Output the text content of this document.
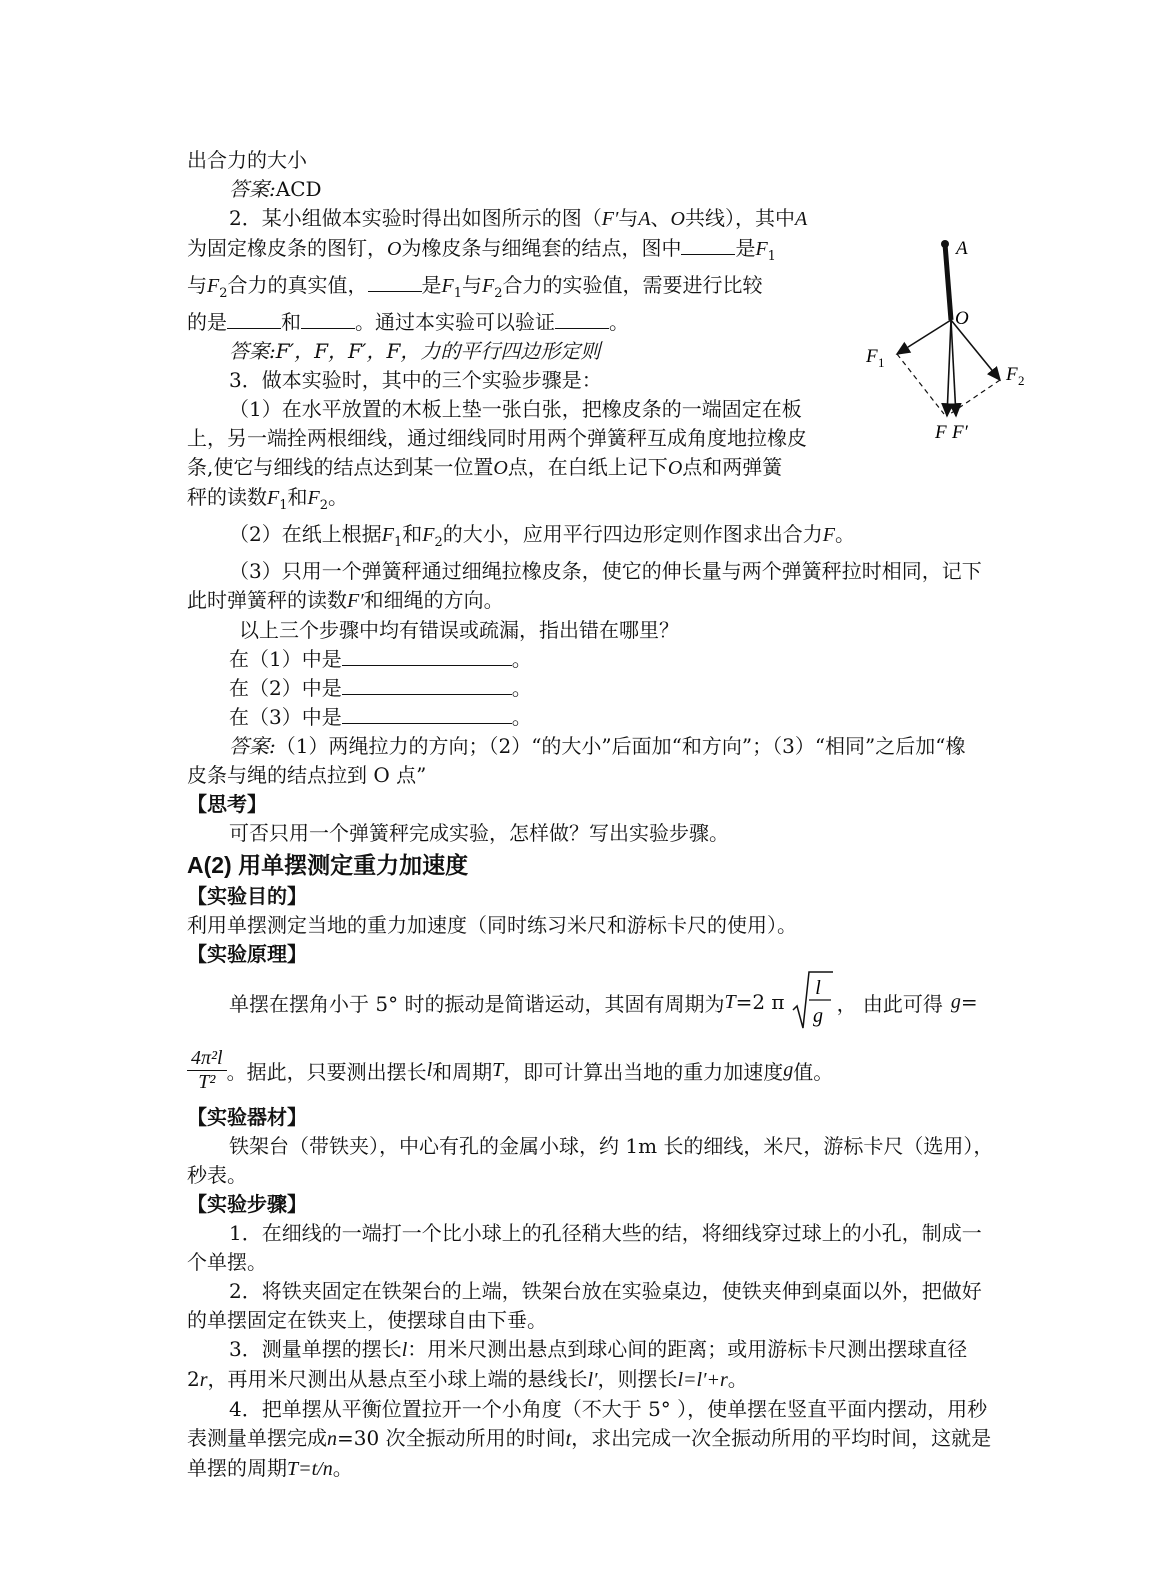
出合力的大小
答案:ACD
2．某小组做本实验时得出如图所示的图（F′与A、O共线），其中A
为固定橡皮条的图钉，O为橡皮条与细绳套的结点，图中	是$F_1$
与$F_2$合力的真实值，	是$F_1$与$F_2$合力的实验值，需要进行比较
的是	和	。通过本实验可以验证	。
答案:F′，F，F′，F，力的平行四边形定则
3．做本实验时，其中的三个实验步骤是：
（1）在水平放置的木板上垫一张白张，把橡皮条的一端固定在板
上，另一端拴两根细线，通过细线同时用两个弹簧秤互成角度地拉橡皮
条,使它与细线的结点达到某一位置O点，在白纸上记下O点和两弹簧
秤的读数$F_1$和$F_2$。
（2）在纸上根据$F_1$和$F_2$的大小，应用平行四边形定则作图求出合力F。
（3）只用一个弹簧秤通过细绳拉橡皮条，使它的伸长量与两个弹簧秤拉时相同，记下
此时弹簧秤的读数F′和细绳的方向。
以上三个步骤中均有错误或疏漏，指出错在哪里？
在（1）中是	。
在（2）中是	。
在（3）中是	。
答案:（1）两绳拉力的方向；（2）“的大小”后面加“和方向”；（3）“相同”之后加“橡
皮条与绳的结点拉到 O 点”
【思考】
可否只用一个弹簧秤完成实验，怎样做？写出实验步骤。
A(2) 用单摆测定重力加速度
【实验目的】
利用单摆测定当地的重力加速度（同时练习米尺和游标卡尺的使用）。
【实验原理】
单摆在摆角小于 5° 时的振动是简谐运动，其固有周期为 T =2 π
l
g ， 由此可得 g =
$\frac{\text{4π²l}}{\text{T²}}$ 。据此，只要测出摆长 l 和周期 T ，即可计算出当地的重力加速度 g 值。
【实验器材】
铁架台（带铁夹），中心有孔的金属小球，约 1m 长的细线，米尺，游标卡尺（选用），
秒表。
【实验步骤】
1．在细线的一端打一个比小球上的孔径稍大些的结，将细线穿过球上的小孔，制成一
个单摆。
2．将铁夹固定在铁架台的上端，铁架台放在实验桌边，使铁夹伸到桌面以外，把做好
的单摆固定在铁夹上，使摆球自由下垂。
3．测量单摆的摆长l：用米尺测出悬点到球心间的距离；或用游标卡尺测出摆球直径
2r，再用米尺测出从悬点至小球上端的悬线长l′，则摆长l=l′+r。
4．把单摆从平衡位置拉开一个小角度（不大于 5° ），使单摆在竖直平面内摆动，用秒
表测量单摆完成n=30 次全振动所用的时间t，求出完成一次全振动所用的平均时间，这就是
单摆的周期T=t/n。
A
O
F 1
F 2
F F′
